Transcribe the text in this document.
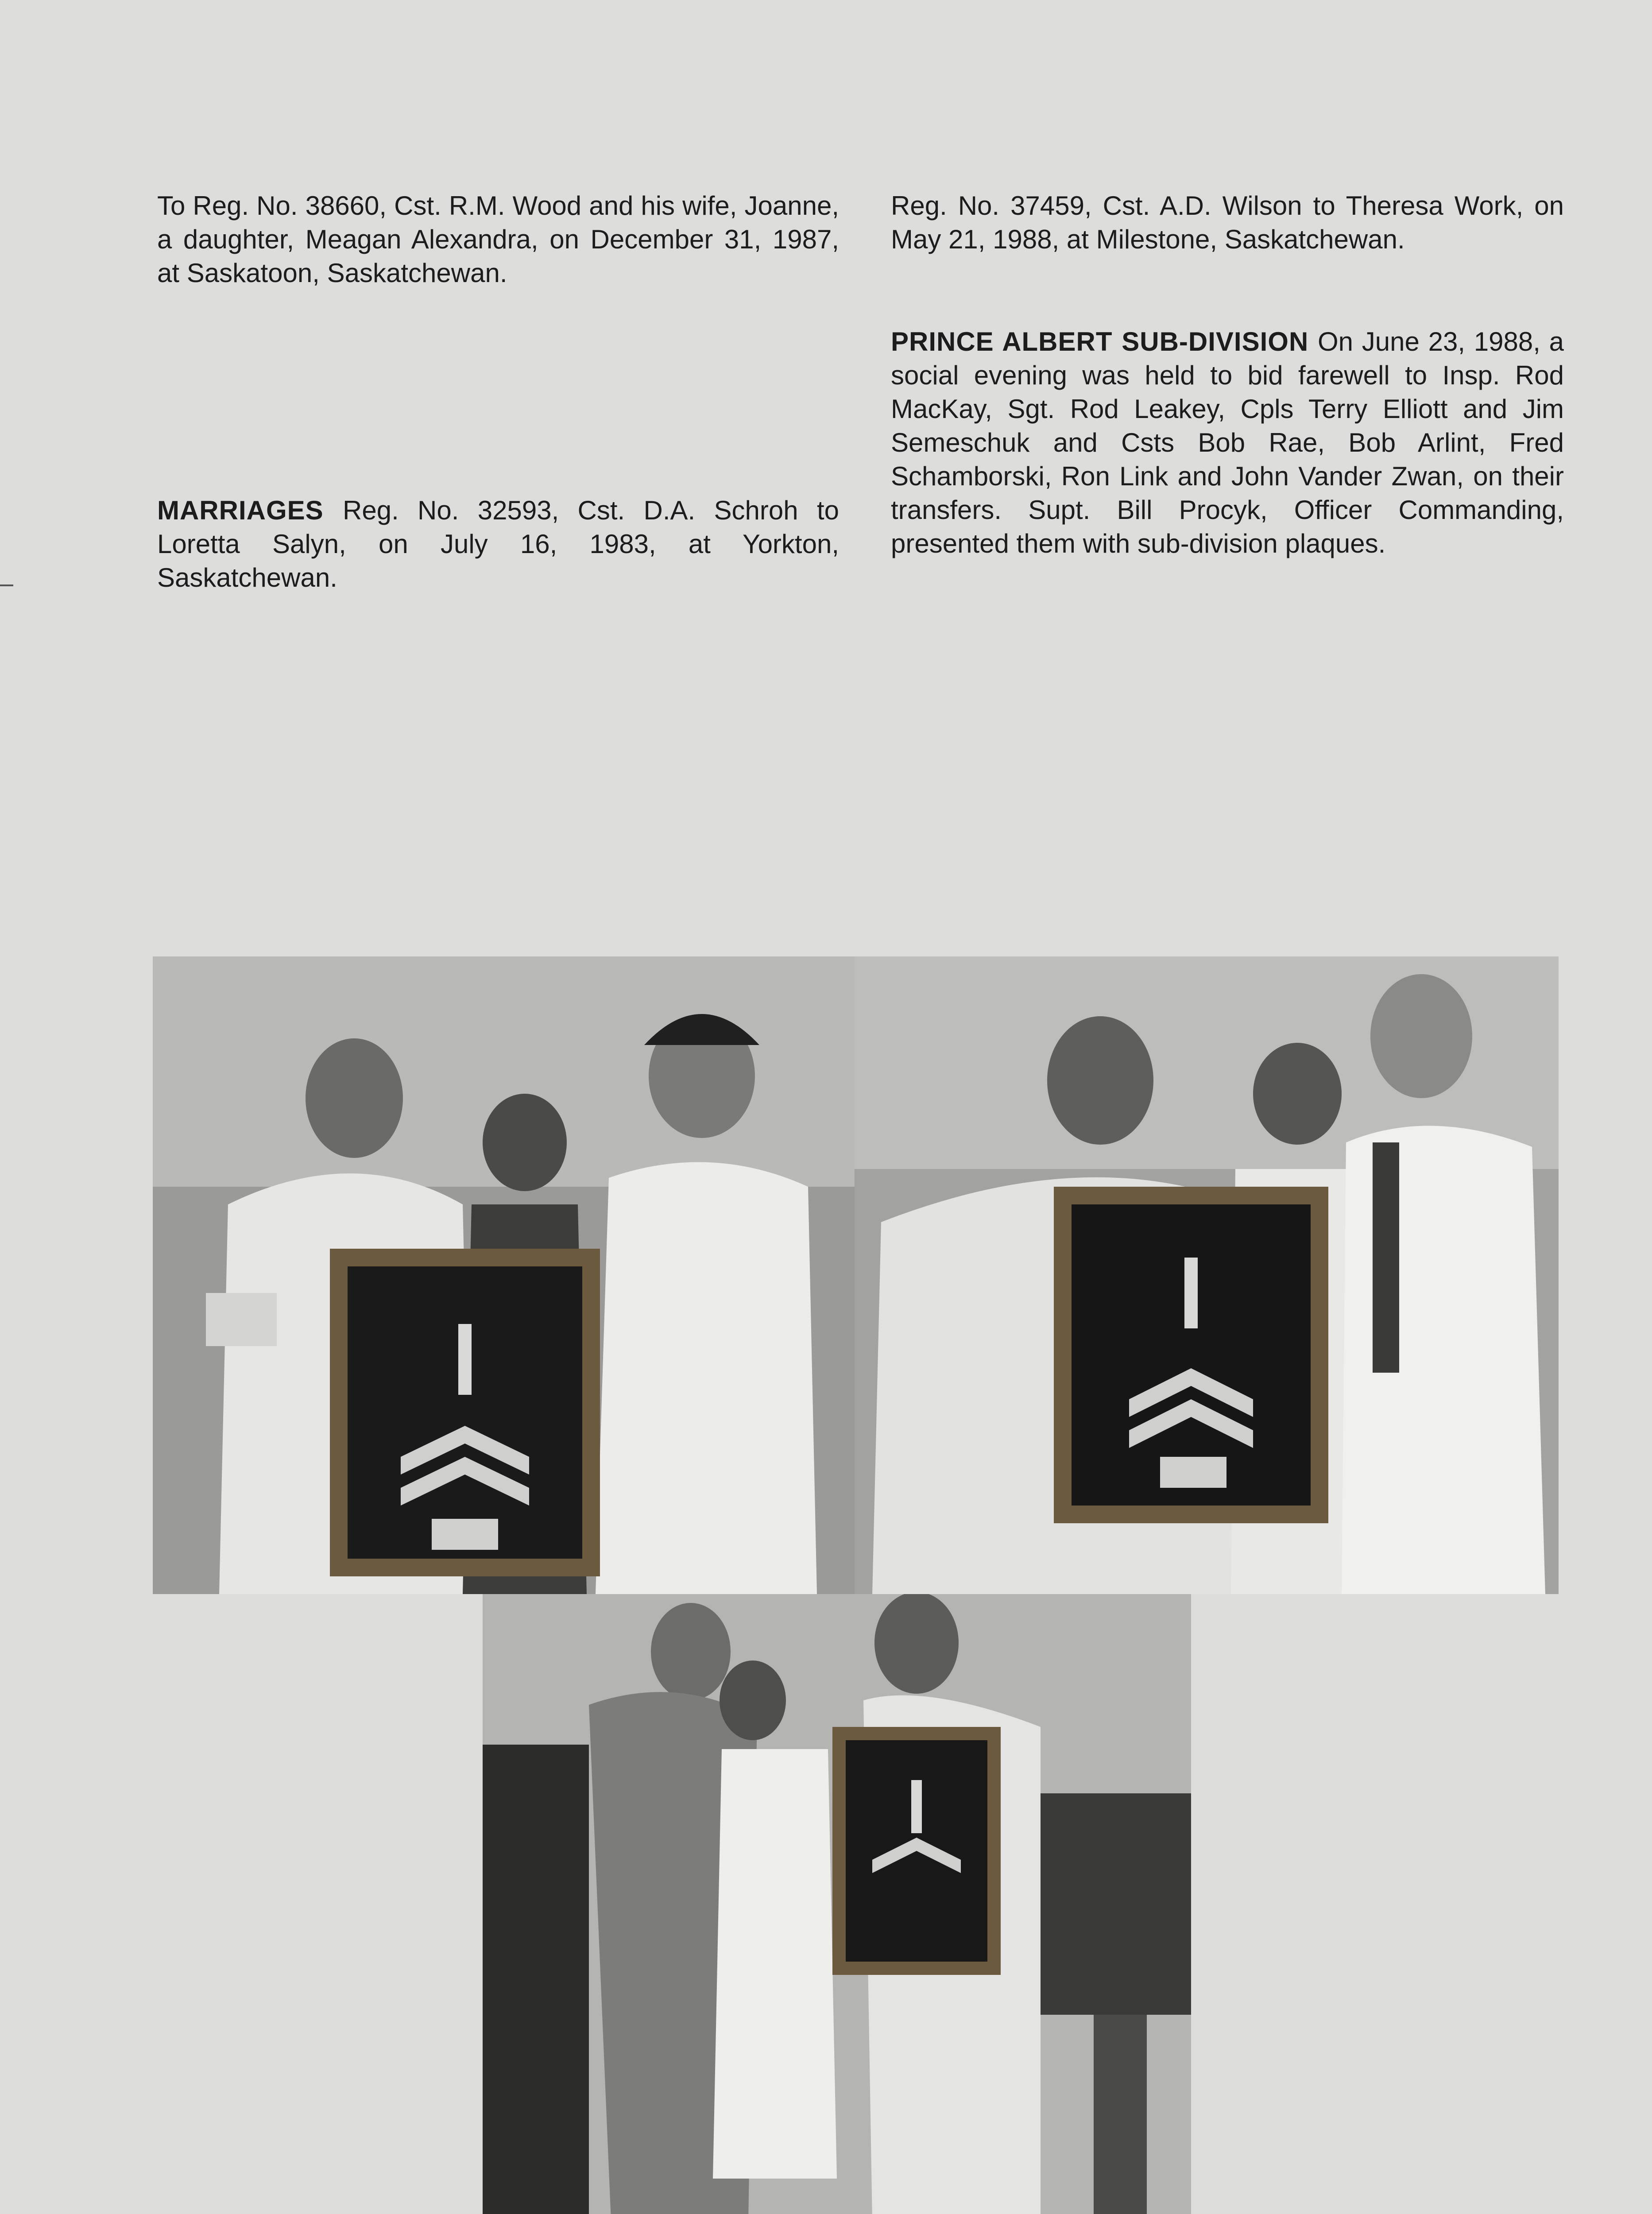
To Reg. No. 38660, Cst. R.M. Wood and his wife, Joanne, a daughter, Meagan Alexandra, on December 31, 1987, at Saskatoon, Saskatchewan.

MARRIAGES Reg. No. 32593, Cst. D.A. Schroh to Loretta Salyn, on July 16, 1983, at Yorkton, Saskatchewan.

Reg. No. 37459, Cst. A.D. Wilson to Theresa Work, on May 21, 1988, at Milestone, Saskatchewan.

PRINCE ALBERT SUB-DIVISION On June 23, 1988, a social evening was held to bid farewell to Insp. Rod MacKay, Sgt. Rod Leakey, Cpls Terry Elliott and Jim Semeschuk and Csts Bob Rae, Bob Arlint, Fred Schamborski, Ron Link and John Vander Zwan, on their transfers. Supt. Bill Procyk, Officer Commanding, presented them with sub-division plaques.
